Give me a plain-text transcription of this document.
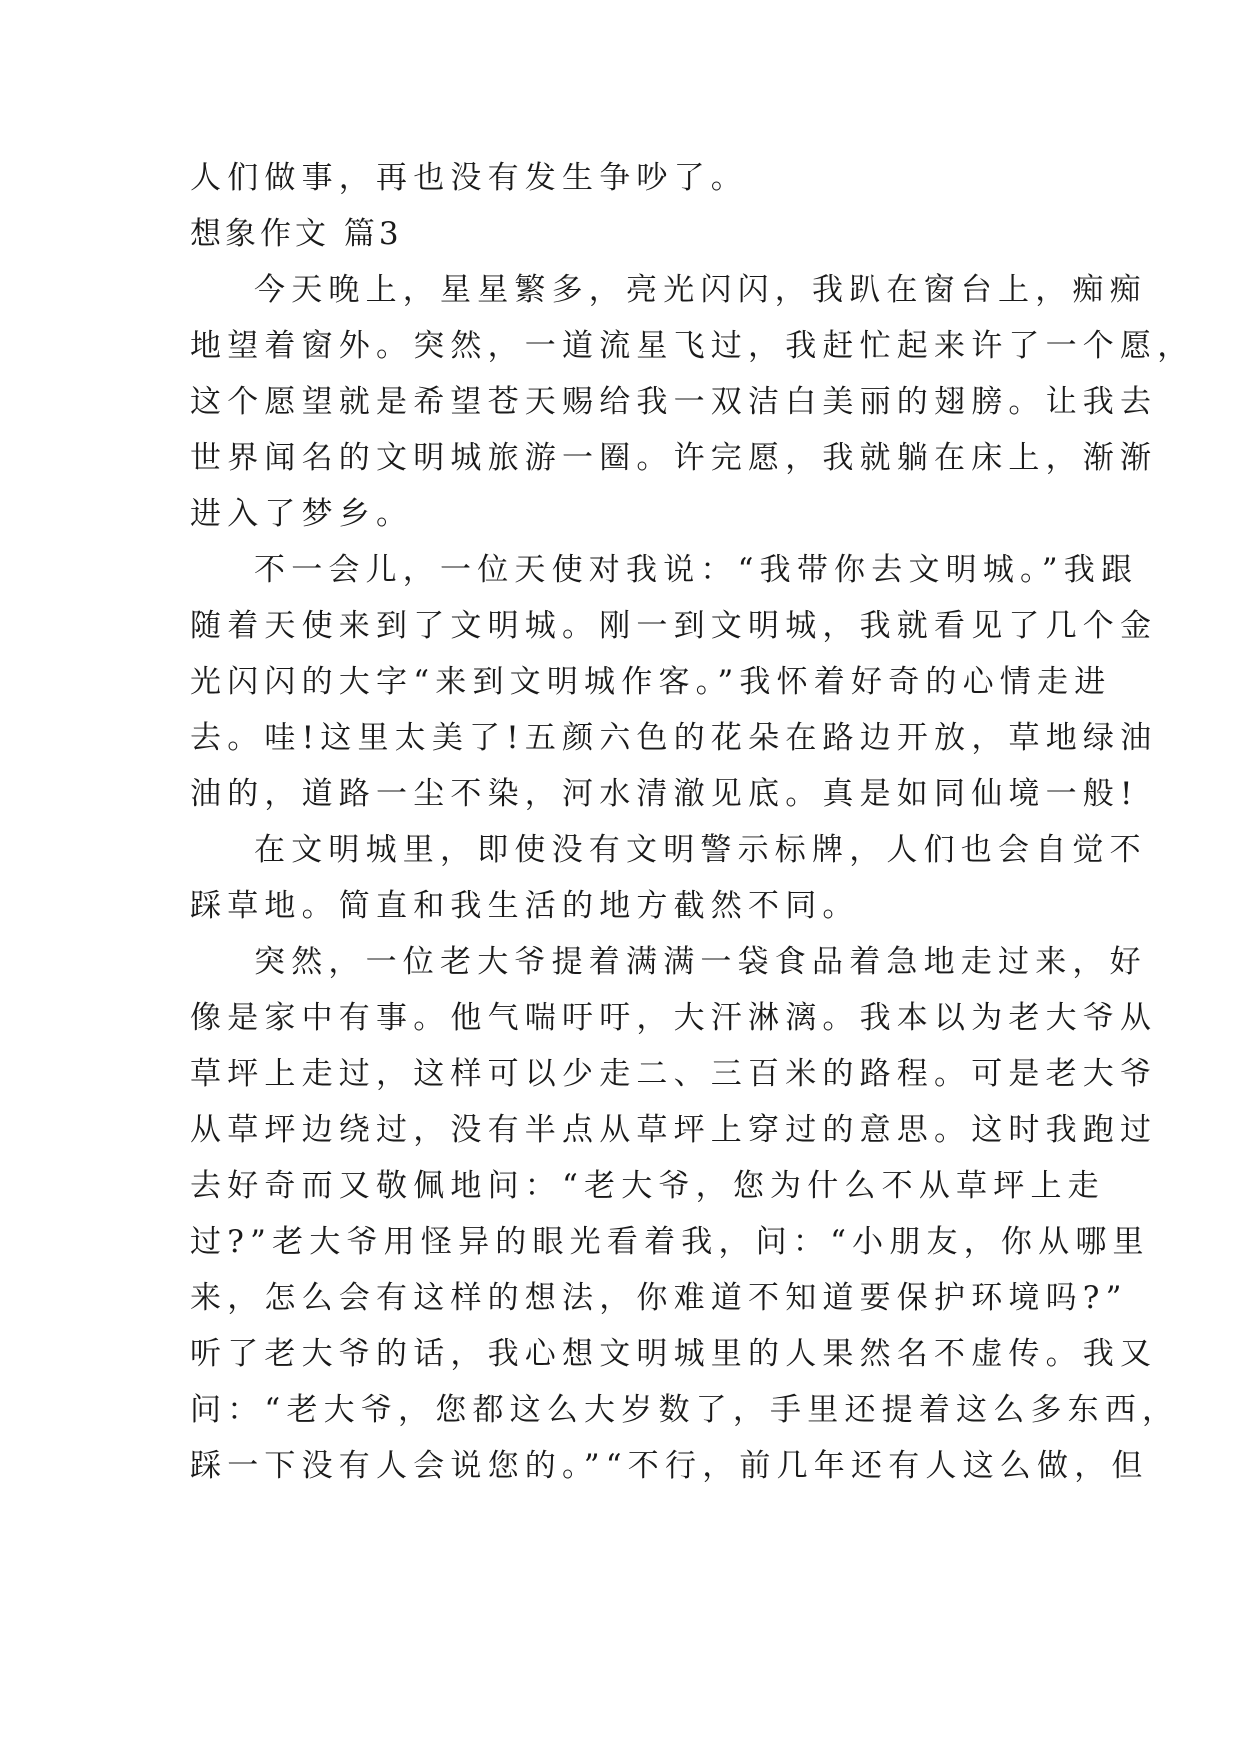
人们做事，再也没有发生争吵了。
想象作文 篇3
今天晚上，星星繁多，亮光闪闪，我趴在窗台上，痴痴
地望着窗外。突然，一道流星飞过，我赶忙起来许了一个愿，
这个愿望就是希望苍天赐给我一双洁白美丽的翅膀。让我去
世界闻名的文明城旅游一圈。许完愿，我就躺在床上，渐渐
进入了梦乡。
不一会儿，一位天使对我说：“我带你去文明城。”我跟
随着天使来到了文明城。刚一到文明城，我就看见了几个金
光闪闪的大字“来到文明城作客。”我怀着好奇的心情走进
去。哇!这里太美了!五颜六色的花朵在路边开放，草地绿油
油的，道路一尘不染，河水清澈见底。真是如同仙境一般!
在文明城里，即使没有文明警示标牌，人们也会自觉不
踩草地。简直和我生活的地方截然不同。
突然，一位老大爷提着满满一袋食品着急地走过来，好
像是家中有事。他气喘吁吁，大汗淋漓。我本以为老大爷从
草坪上走过，这样可以少走二、三百米的路程。可是老大爷
从草坪边绕过，没有半点从草坪上穿过的意思。这时我跑过
去好奇而又敬佩地问：“老大爷，您为什么不从草坪上走
过?”老大爷用怪异的眼光看着我，问：“小朋友，你从哪里
来，怎么会有这样的想法，你难道不知道要保护环境吗?”
听了老大爷的话，我心想文明城里的人果然名不虚传。我又
问：“老大爷，您都这么大岁数了，手里还提着这么多东西，
踩一下没有人会说您的。”“不行，前几年还有人这么做，但
